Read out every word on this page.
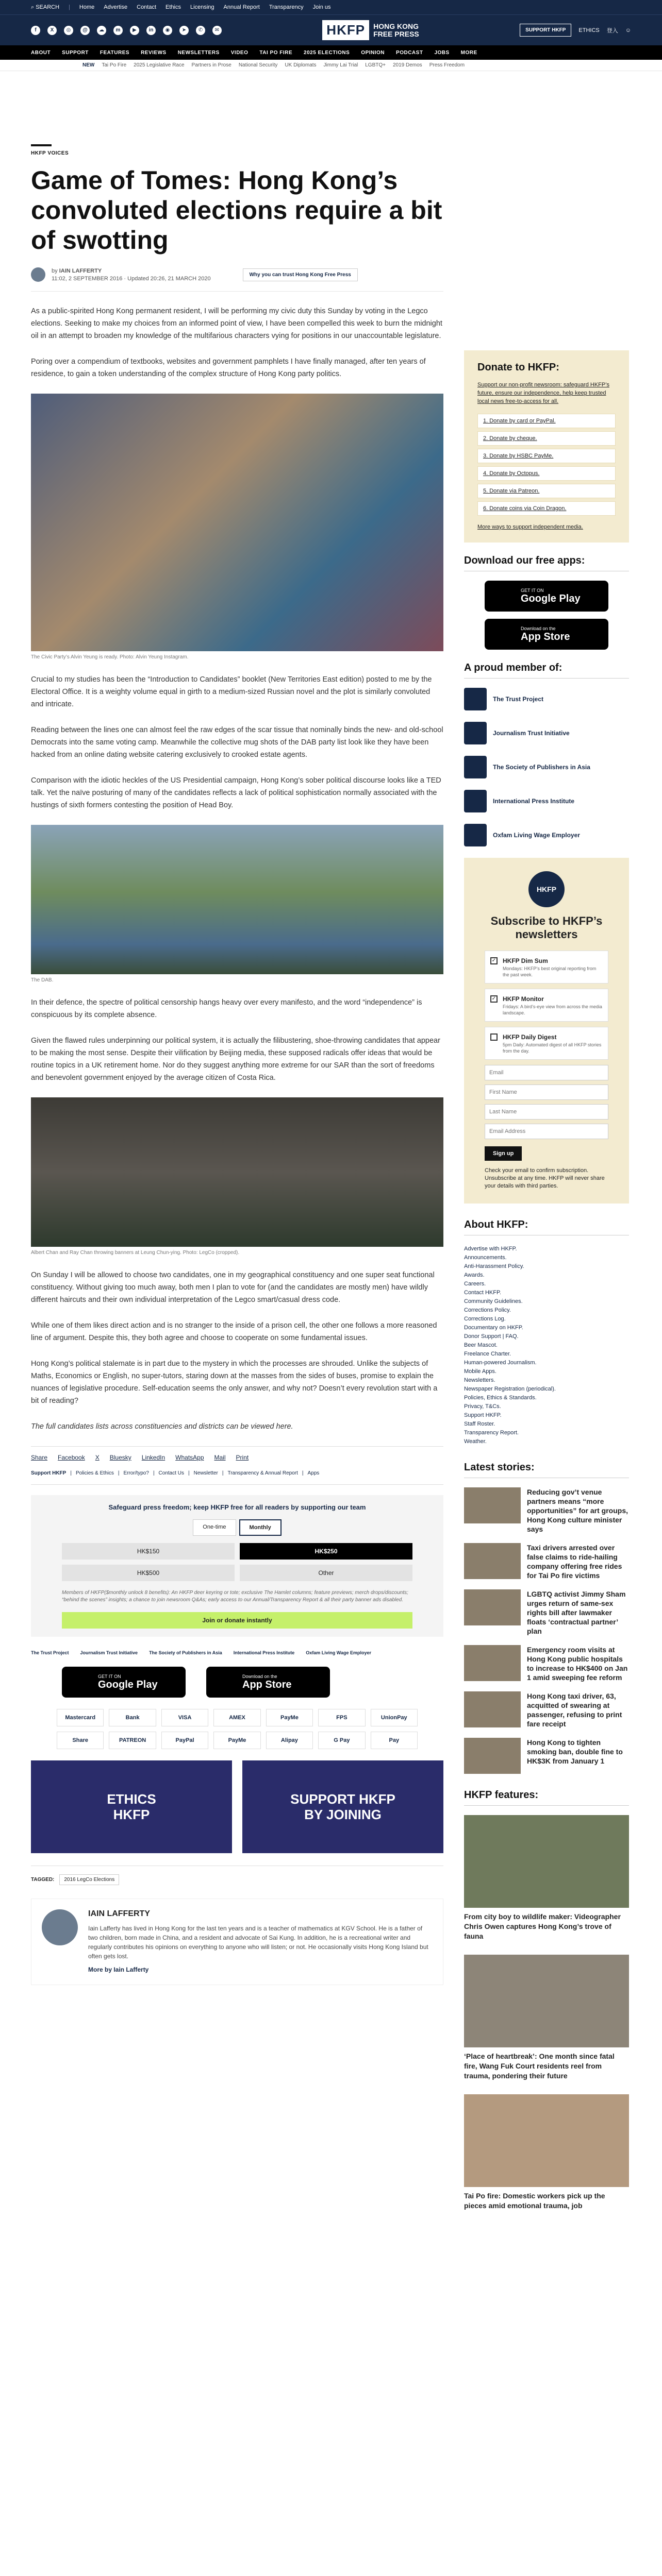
⌕ SEARCH | Home Advertise Contact Ethics Licensing Annual Report Transparency Join us
f	X	◎	@	☁	m	▶	in	◉	➤	✆	✉	HKFP	HONG KONG
FREE PRESS	SUPPORT HKFP	ETHICS 登入 ☺
ABOUT SUPPORT FEATURES REVIEWS NEWSLETTERS VIDEO TAI PO FIRE 2025 ELECTIONS OPINION PODCAST JOBS MORE
NEW Tai Po Fire 2025 Legislative Race Partners in Prose National Security UK Diplomats Jimmy Lai Trial LGBTQ+ 2019 Demos Press Freedom
HKFP VOICES
Game of Tomes: Hong Kong’s convoluted elections require a bit of swotting
by IAIN LAFFERTY
11:02, 2 SEPTEMBER 2016 · Updated 20:26, 21 MARCH 2020
Why you can trust Hong Kong Free Press

As a public-spirited Hong Kong permanent resident, I will be performing my civic duty this Sunday by voting in the Legco elections. Seeking to make my choices from an informed point of view, I have been compelled this week to burn the midnight oil in an attempt to broaden my knowledge of the multifarious characters vying for positions in our unaccountable legislature.

Poring over a compendium of textbooks, websites and government pamphlets I have finally managed, after ten years of residence, to gain a token understanding of the complex structure of Hong Kong party politics.

The Civic Party’s Alvin Yeung is ready. Photo: Alvin Yeung Instagram.

Crucial to my studies has been the “Introduction to Candidates” booklet (New Territories East edition) posted to me by the Electoral Office. It is a weighty volume equal in girth to a medium-sized Russian novel and the plot is similarly convoluted and intricate.

Reading between the lines one can almost feel the raw edges of the scar tissue that nominally binds the new- and old-school Democrats into the same voting camp. Meanwhile the collective mug shots of the DAB party list look like they have been hacked from an online dating website catering exclusively to crooked estate agents.

Comparison with the idiotic heckles of the US Presidential campaign, Hong Kong’s sober political discourse looks like a TED talk. Yet the naïve posturing of many of the candidates reflects a lack of political sophistication normally associated with the hustings of sixth formers contesting the position of Head Boy.

The DAB.

In their defence, the spectre of political censorship hangs heavy over every manifesto, and the word “independence” is conspicuous by its complete absence.

Given the flawed rules underpinning our political system, it is actually the filibustering, shoe-throwing candidates that appear to be making the most sense. Despite their vilification by Beijing media, these supposed radicals offer ideas that would be routine topics in a UK retirement home. Nor do they suggest anything more extreme for our SAR than the sort of freedoms and benevolent government enjoyed by the average citizen of Costa Rica.

Albert Chan and Ray Chan throwing banners at Leung Chun-ying. Photo: LegCo (cropped).

On Sunday I will be allowed to choose two candidates, one in my geographical constituency and one super seat functional constituency. Without giving too much away, both men I plan to vote for (and the candidates are mostly men) have wildly different haircuts and their own individual interpretation of the Legco smart/casual dress code.

While one of them likes direct action and is no stranger to the inside of a prison cell, the other one follows a more reasoned line of argument. Despite this, they both agree and choose to cooperate on some fundamental issues.

Hong Kong’s political stalemate is in part due to the mystery in which the processes are shrouded. Unlike the subjects of Maths, Economics or English, no super-tutors, staring down at the masses from the sides of buses, promise to explain the nuances of legislative procedure. Self-education seems the only answer, and why not? Doesn’t every revolution start with a bit of reading?

The full candidates lists across constituencies and districts can be viewed here.

Share Facebook X Bluesky LinkedIn WhatsApp Mail Print
Support HKFP | Policies & Ethics | Error/typo? | Contact Us | Newsletter | Transparency & Annual Report | Apps
Safeguard press freedom; keep HKFP free for all readers by supporting our team
One-time	Monthly
HK$150	HK$250
HK$500	Other
Members of HKFP($monthly unlock 8 benefits): An HKFP deer keyring or tote; exclusive The Hamlet columns; feature previews; merch drops/discounts; “behind the scenes” insights; a chance to join newsroom Q&As; early access to our Annual/Transparency Report & all their party banner ads disabled.
Join or donate instantly
The Trust Project Journalism Trust Initiative The Society of Publishers in Asia International Press Institute Oxfam Living Wage Employer
GET IT ON
Google Play
Download on the
App Store
Mastercard	Bank	VISA	AMEX	PayMe	FPS	UnionPay
Share	PATREON	PayPal	PayMe	Alipay	G Pay	Pay
ETHICS
HKFP
SUPPORT HKFP
BY JOINING
TAGGED:	2016 LegCo Elections
IAIN LAFFERTY

Iain Lafferty has lived in Hong Kong for the last ten years and is a teacher of mathematics at KGV School. He is a father of two children, born made in China, and a resident and advocate of Sai Kung. In addition, he is a recreational writer and regularly contributes his opinions on everything to anyone who will listen; or not. He occasionally visits Hong Kong Island but often gets lost.

More by Iain Lafferty

Donate to HKFP:

Support our non-profit newsroom: safeguard HKFP’s future, ensure our independence, help keep trusted local news free-to-access for all.

1. Donate by card or PayPal.
2. Donate by cheque.
3. Donate by HSBC PayMe.
4. Donate by Octopus.
5. Donate via Patreon.
6. Donate coins via Coin Dragon.

More ways to support independent media.

Download our free apps:
GET IT ON
Google Play
Download on the
App Store
A proud member of:
The Trust Project
Journalism Trust Initiative
The Society of Publishers in Asia
International Press Institute
Oxfam Living Wage Employer
HKFP
Subscribe to HKFP’s newsletters
✓ HKFP Dim Sum
Mondays: HKFP’s best original reporting from the past week.
✓ HKFP Monitor
Fridays: A bird’s-eye view from across the media landscape.
HKFP Daily Digest
5pm Daily: Automated digest of all HKFP stories from the day.
Email First Name Last Name Email Address Sign up

Check your email to confirm subscription. Unsubscribe at any time. HKFP will never share your details with third parties.

About HKFP:
Advertise with HKFP.
Announcements.
Anti-Harassment Policy.
Awards.
Careers.
Contact HKFP.
Community Guidelines.
Corrections Policy.
Corrections Log.
Documentary on HKFP.
Donor Support | FAQ.
Beer Mascot.
Freelance Charter.
Human-powered Journalism.
Mobile Apps.
Newsletters.
Newspaper Registration (periodical).
Policies, Ethics & Standards.
Privacy, T&Cs.
Support HKFP.
Staff Roster.
Transparency Report.
Weather.
Latest stories:
Reducing gov’t venue partners means “more opportunities” for art groups, Hong Kong culture minister says
Taxi drivers arrested over false claims to ride-hailing company offering free rides for Tai Po fire victims
LGBTQ activist Jimmy Sham urges return of same-sex rights bill after lawmaker floats ‘contractual partner’ plan
Emergency room visits at Hong Kong public hospitals to increase to HK$400 on Jan 1 amid sweeping fee reform
Hong Kong taxi driver, 63, acquitted of swearing at passenger, refusing to print fare receipt
Hong Kong to tighten smoking ban, double fine to HK$3K from January 1
HKFP features:
From city boy to wildlife maker: Videographer Chris Owen captures Hong Kong’s trove of fauna
‘Place of heartbreak’: One month since fatal fire, Wang Fuk Court residents reel from trauma, pondering their future
Tai Po fire: Domestic workers pick up the pieces amid emotional trauma, job
